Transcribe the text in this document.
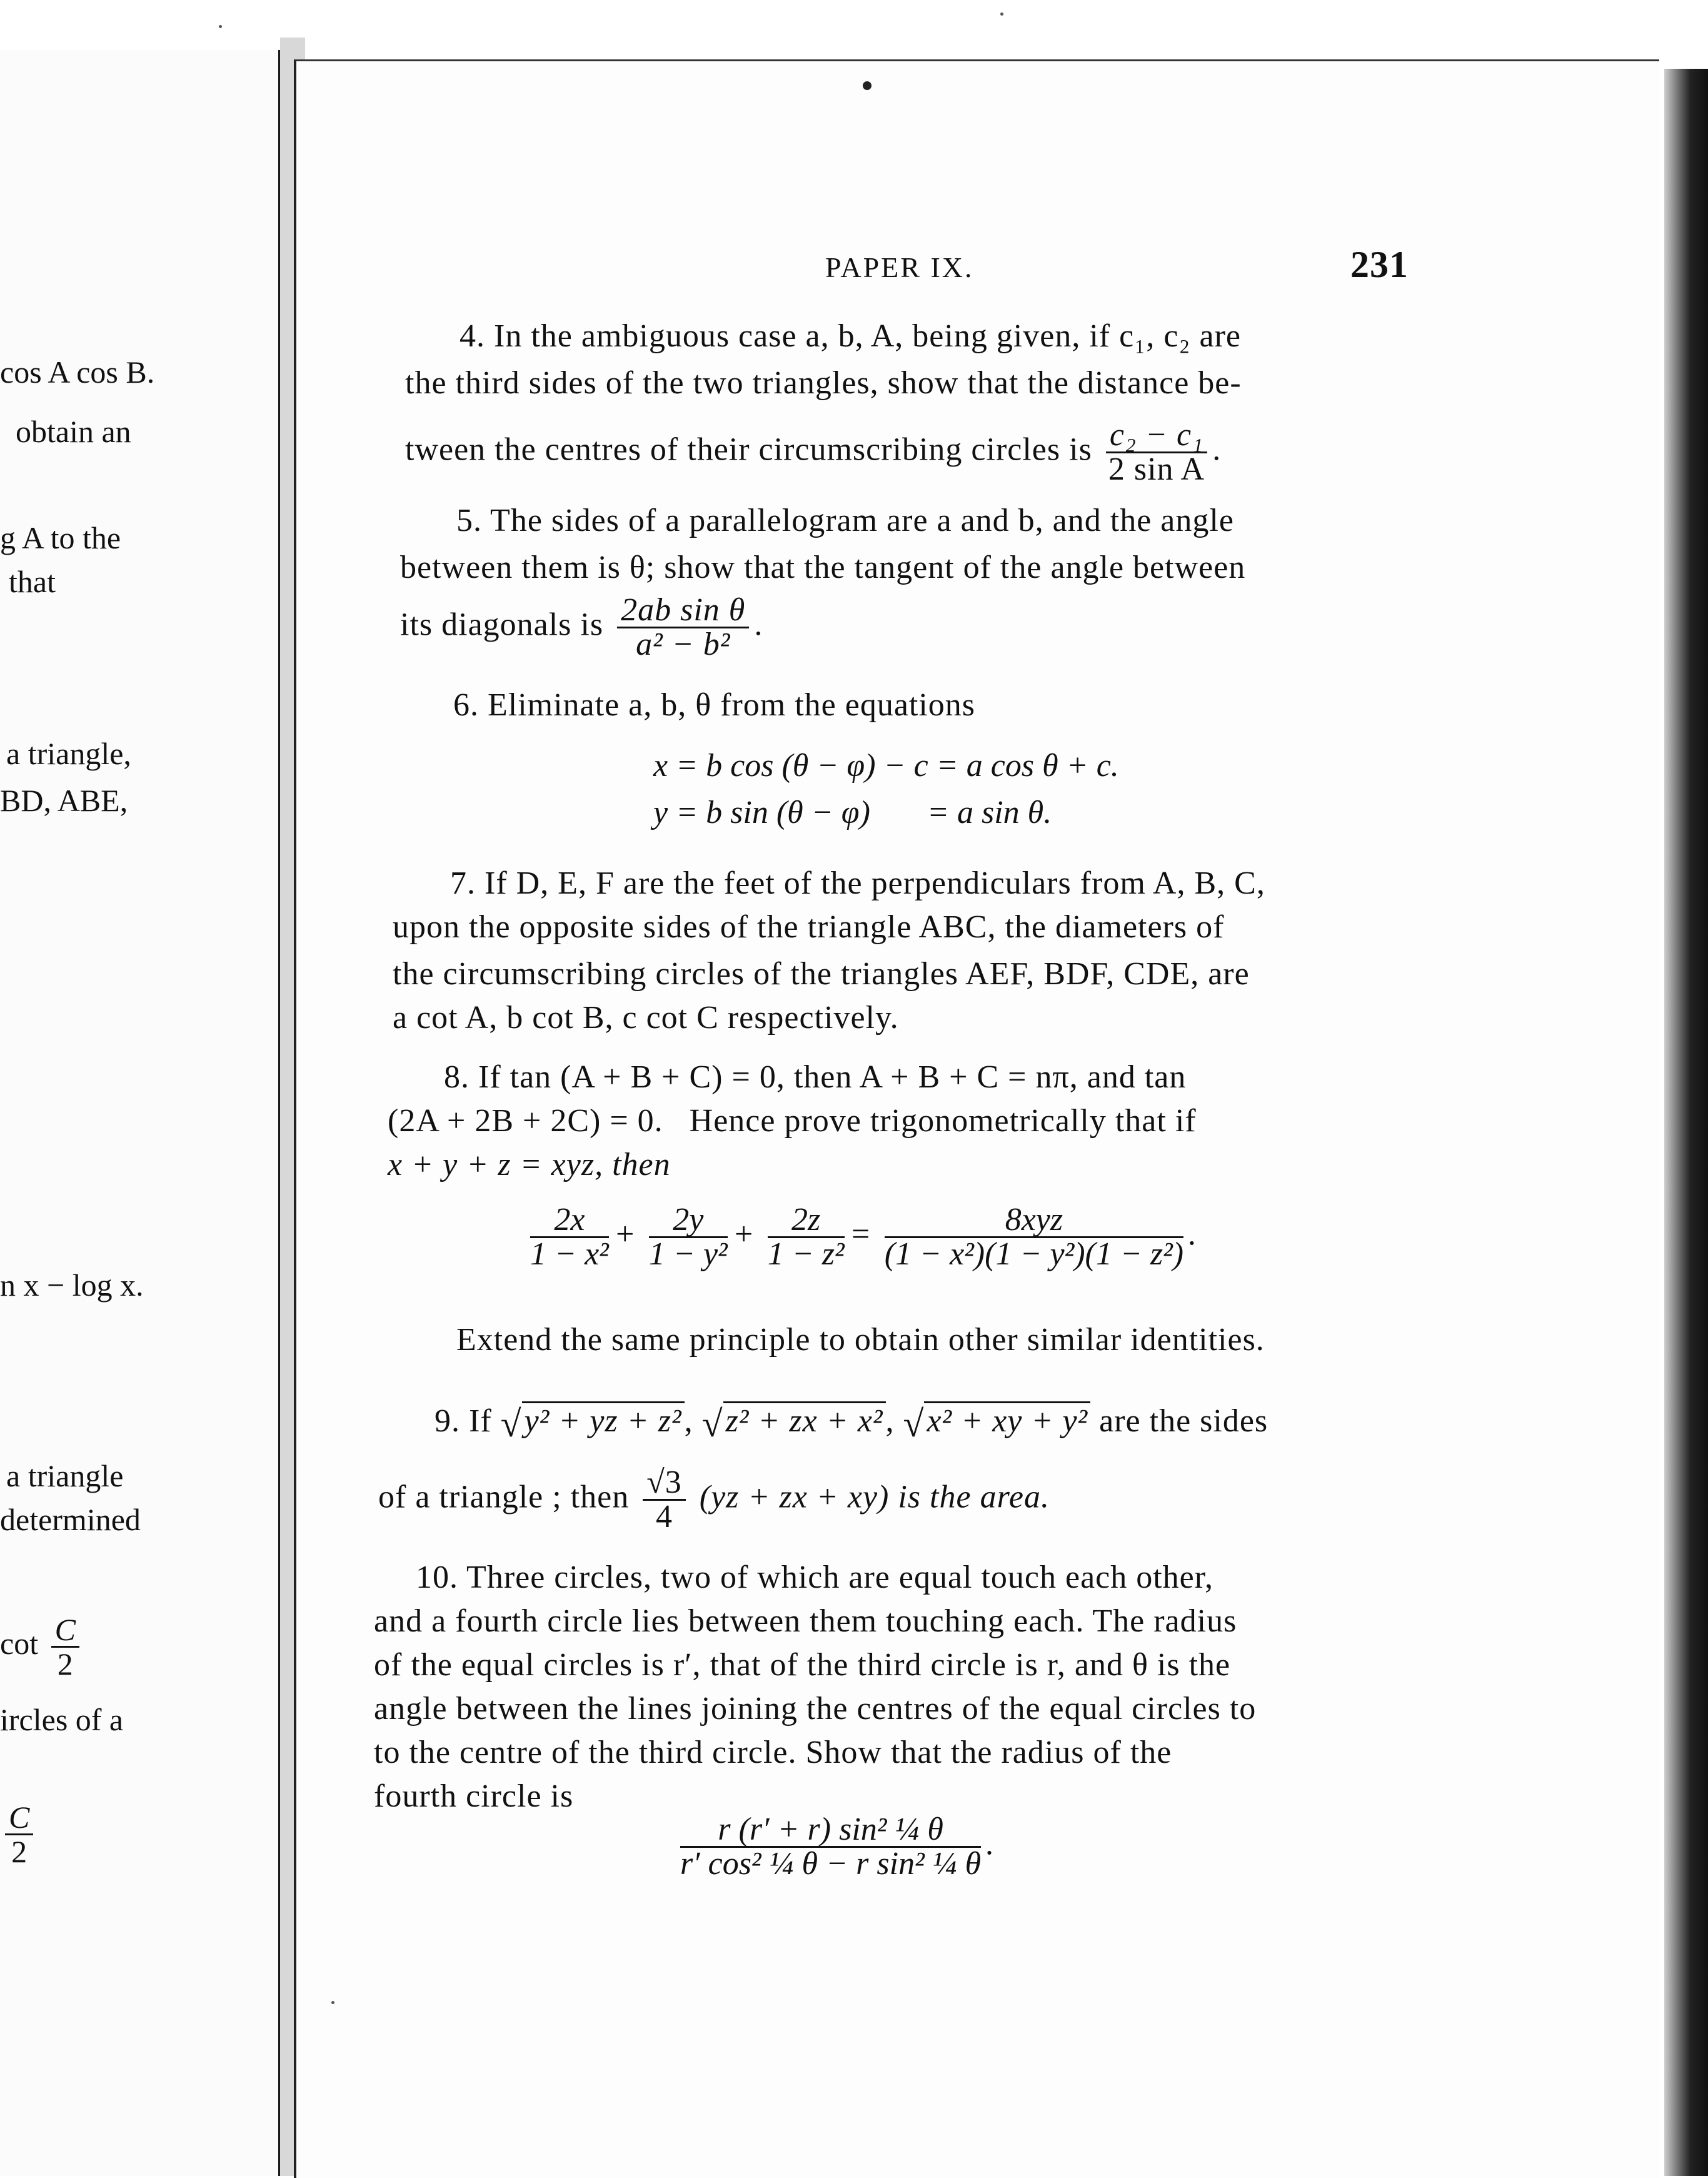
cos A cos B.
obtain an
g A to the
that
a triangle,
BD, ABE,
n x − log x.
a triangle
determined
$\cot \frac{C}{2}$
ircles of a
$\frac{C}{2}$
PAPER IX.	231
4. In the ambiguous case a, b, A, being given, if c₁, c₂ are
the third sides of the two triangles, show that the distance be-
tween the centres of their circumscribing circles is $\frac{\text{c₂ − c₁}}{\text{2 sin A}}$ .
5. The sides of a parallelogram are a and b, and the angle
between them is θ; show that the tangent of the angle between
its diagonals is $\frac{\text{2ab sin θ}}{\text{a² − b²}}$ .
6. Eliminate a, b, θ from the equations
x = b cos (θ − φ) − c = a cos θ + c.
y = b sin (θ − φ)       = a sin θ.
7. If D, E, F are the feet of the perpendiculars from A, B, C,
upon the opposite sides of the triangle ABC, the diameters of
the circumscribing circles of the triangles AEF, BDF, CDE, are
a cot A, b cot B, c cot C respectively.
8. If tan (A + B + C) = 0, then A + B + C = nπ, and tan
(2A + 2B + 2C) = 0.   Hence prove trigonometrically that if
x + y + z = xyz, then
$\frac{2x}{\text{1 − x²}} + \frac{2y}{\text{1 − y²}} + \frac{2z}{\text{1 − z²}} = \frac{\text{8xyz}}{\text{(1 − x²)(1 − y²)(1 − z²)}}$ .
Extend the same principle to obtain other similar identities.
9. If √y² + yz + z², √z² + zx + x², √x² + xy + y² are the sides
of a triangle ; then $\frac{√3}{4} (yz$ + zx + xy) is the area.
10. Three circles, two of which are equal touch each other,
and a fourth circle lies between them touching each. The radius
of the equal circles is r′, that of the third circle is r, and θ is the
angle between the lines joining the centres of the equal circles to
to the centre of the third circle. Show that the radius of the
fourth circle is
$\frac{\text{r (r′ + r) sin² ¼ θ}}{\text{r′ cos² ¼ θ − r sin² ¼ θ}}$ .
